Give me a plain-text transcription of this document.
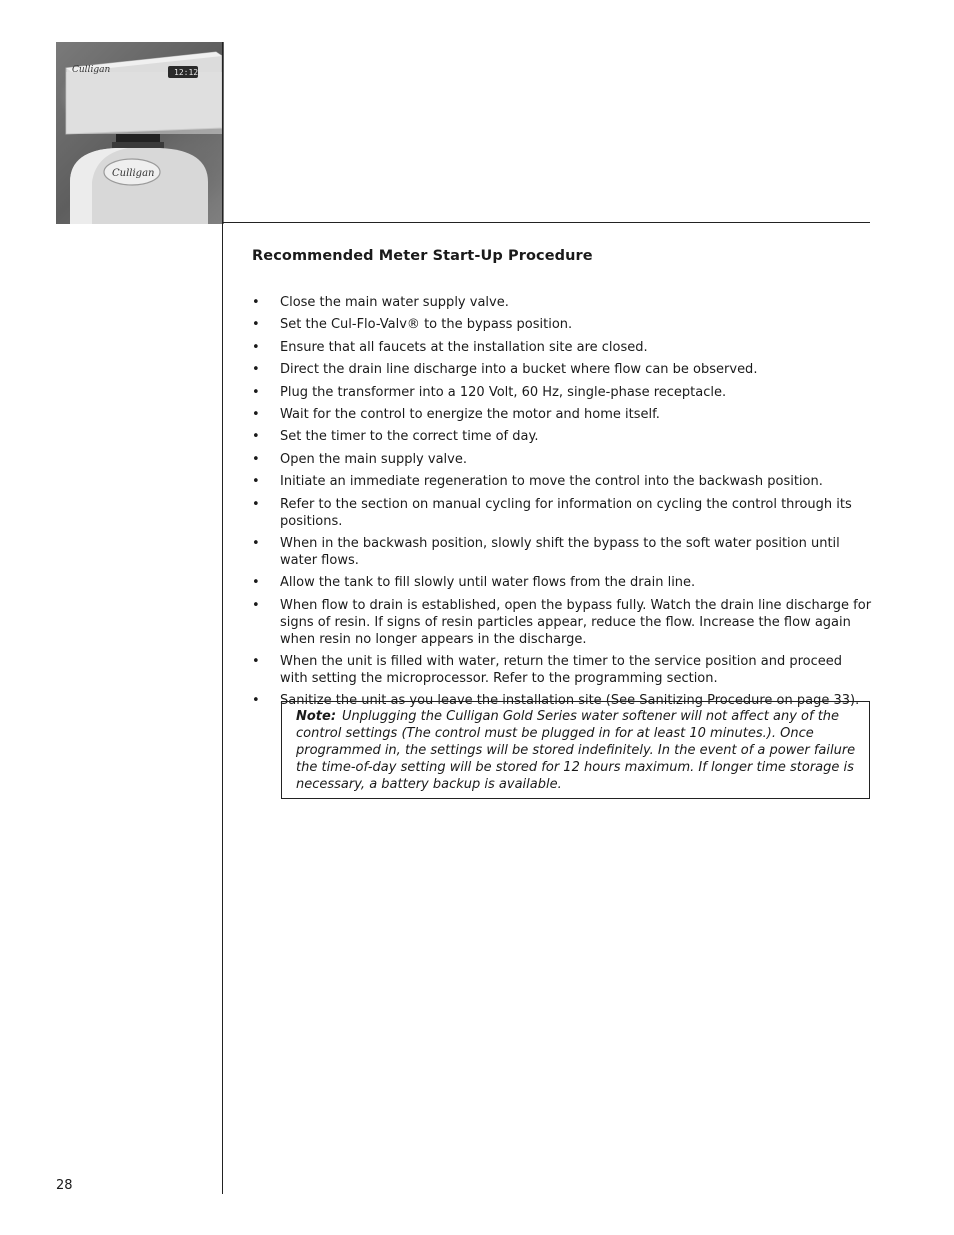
Culligan	12:12
Culligan
Recommended Meter Start-Up Procedure
• Close the main water supply valve.
• Set the Cul-Flo-Valv® to the bypass position.
• Ensure that all faucets at the installation site are closed.
• Direct the drain line discharge into a bucket where flow can be observed.
• Plug the transformer into a 120 Volt, 60 Hz, single-phase receptacle.
• Wait for the control to energize the motor and home itself.
• Set the timer to the correct time of day.
• Open the main supply valve.
• Initiate an immediate regeneration to move the control into the backwash position.
• Refer to the section on manual cycling for information on cycling the control through its positions.
• When in the backwash position, slowly shift the bypass to the soft water position until water flows.
• Allow the tank to fill slowly until water flows from the drain line.
• When flow to drain is established, open the bypass fully. Watch the drain line discharge for signs of resin. If signs of resin particles appear, reduce the flow. Increase the flow again when resin no longer appears in the discharge.
• When the unit is filled with water, return the timer to the service position and proceed with setting the microprocessor. Refer to the programming section.
• Sanitize the unit as you leave the installation site (See Sanitizing Procedure on page 33).
Note: Unplugging the Culligan Gold Series water softener will not affect any of the control settings (The control must be plugged in for at least 10 minutes.). Once programmed in, the settings will be stored indefinitely. In the event of a power failure the time-of-day setting will be stored for 12 hours maximum. If longer time storage is necessary, a battery backup is available.
28
